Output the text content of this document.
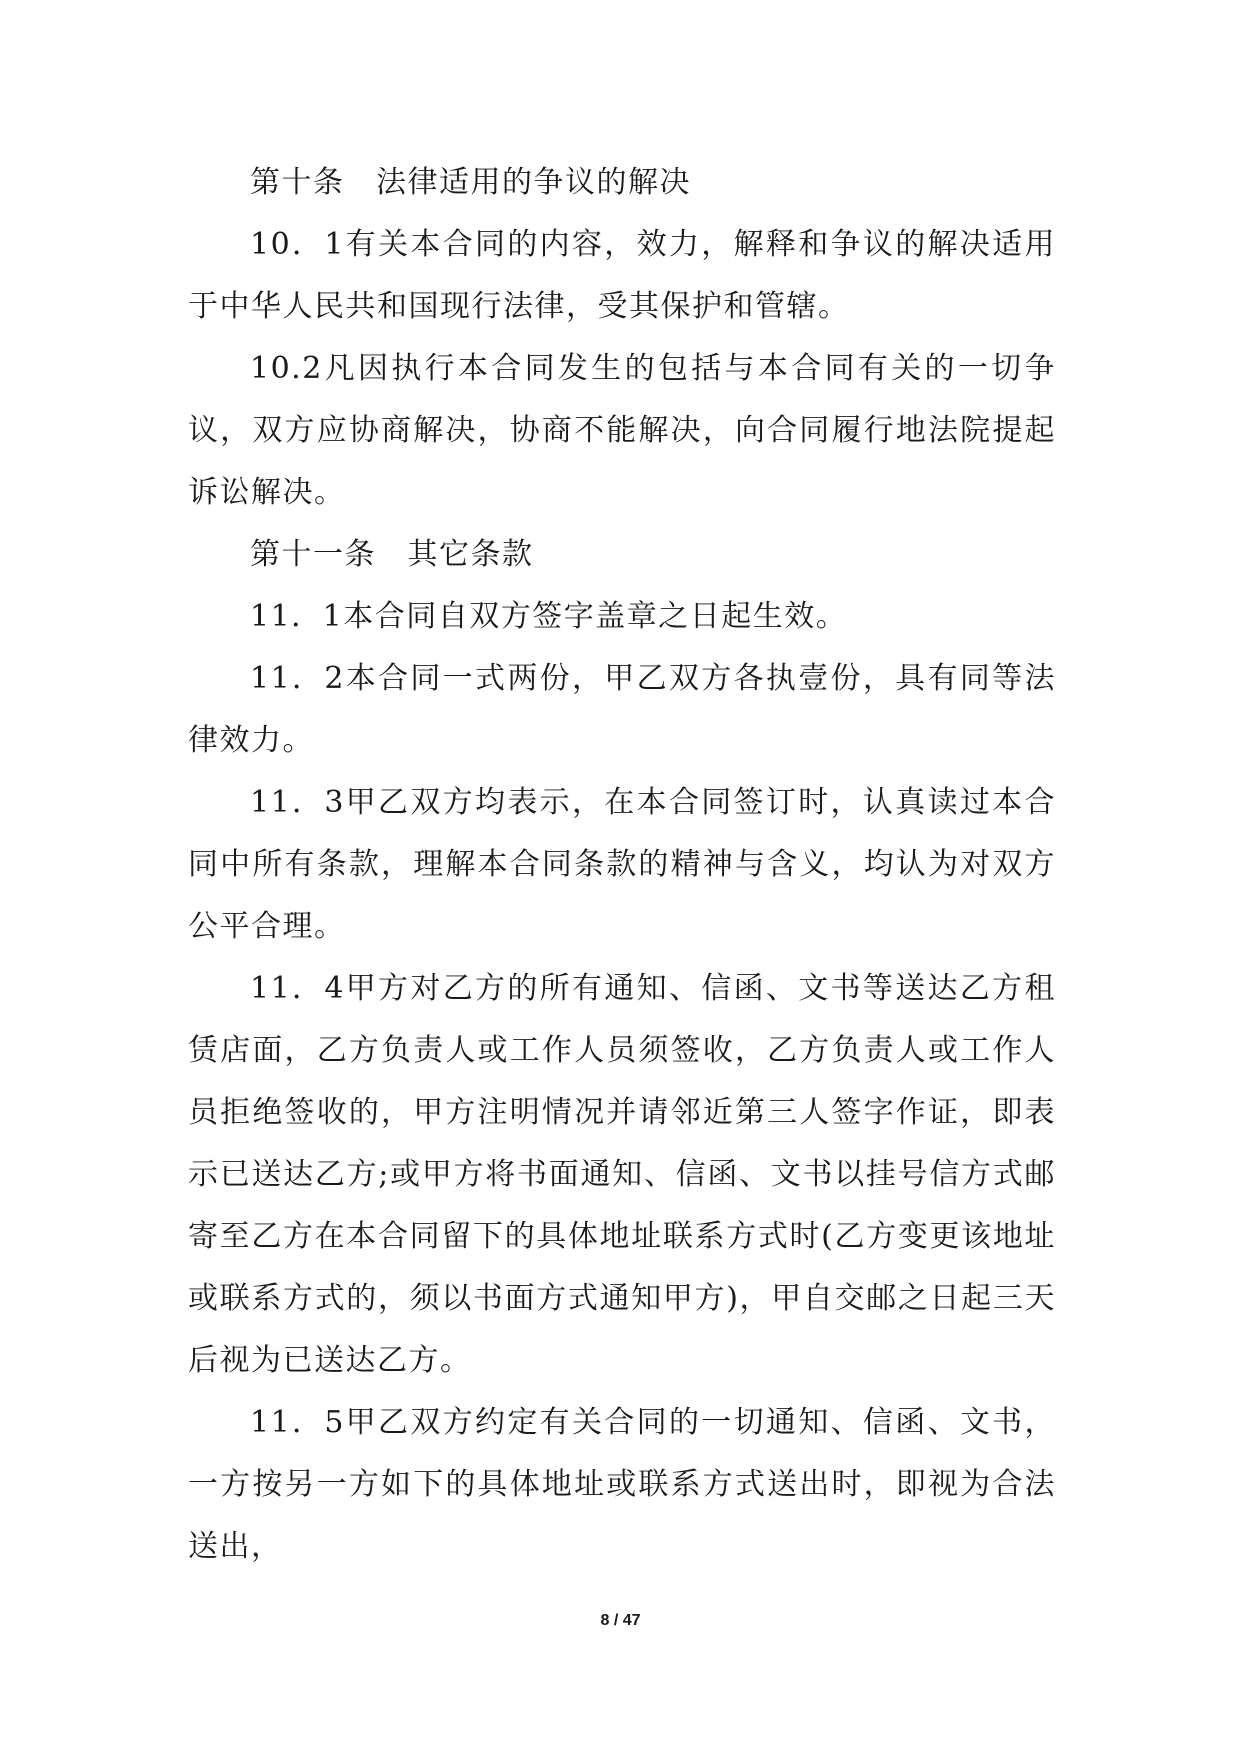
第十条　法律适用的争议的解决

10．1有关本合同的内容，效力，解释和争议的解决适用于中华人民共和国现行法律，受其保护和管辖。

10.2凡因执行本合同发生的包括与本合同有关的一切争议，双方应协商解决，协商不能解决，向合同履行地法院提起诉讼解决。

第十一条　其它条款

11．1本合同自双方签字盖章之日起生效。

11．2本合同一式两份，甲乙双方各执壹份，具有同等法律效力。

11．3甲乙双方均表示，在本合同签订时，认真读过本合同中所有条款，理解本合同条款的精神与含义，均认为对双方公平合理。

11．4甲方对乙方的所有通知、信函、文书等送达乙方租赁店面，乙方负责人或工作人员须签收，乙方负责人或工作人员拒绝签收的，甲方注明情况并请邻近第三人签字作证，即表示已送达乙方;或甲方将书面通知、信函、文书以挂号信方式邮寄至乙方在本合同留下的具体地址联系方式时(乙方变更该地址或联系方式的，须以书面方式通知甲方)，甲自交邮之日起三天后视为已送达乙方。

11．5甲乙双方约定有关合同的一切通知、信函、文书，一方按另一方如下的具体地址或联系方式送出时，即视为合法送出，

8 / 47
